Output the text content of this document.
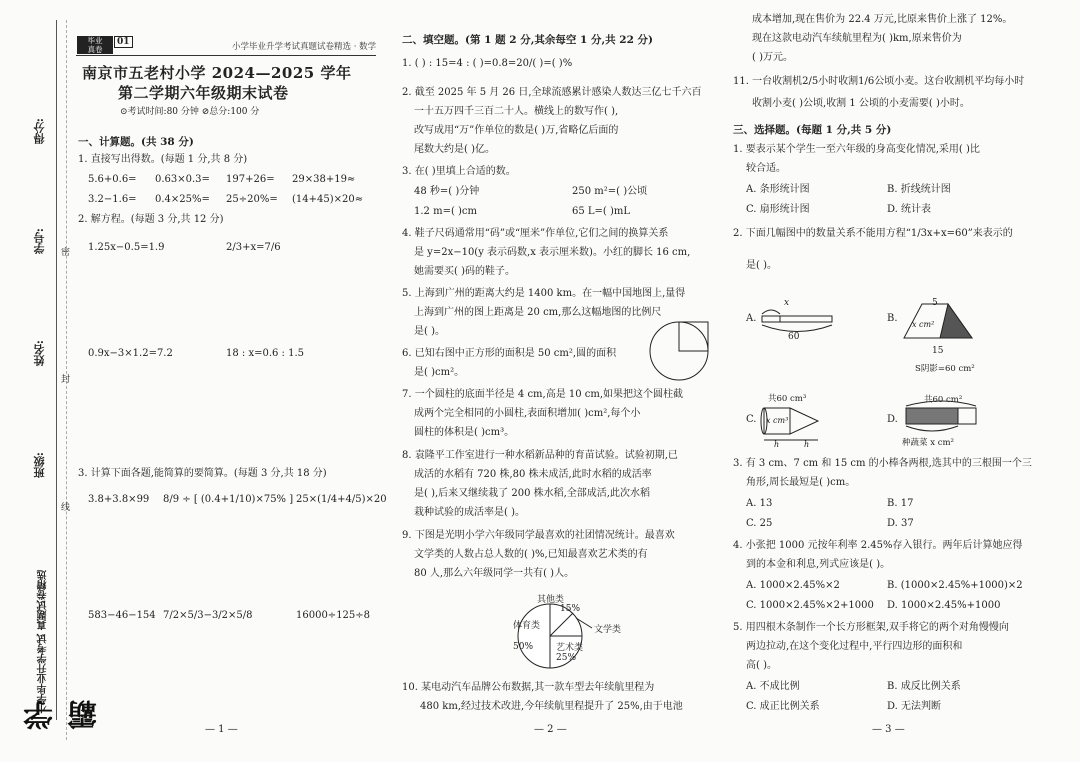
得分:
学号:
姓名:
班级:
密
封
线
小学毕业升学考试 真题试卷精选
学霸
毕业
真卷
01	小学毕业升学考试真题试卷精选 · 数学
南京市五老村小学 2024—2025 学年
第二学期六年级期末试卷
⊙考试时间:80 分钟 ⊘总分:100 分
一、计算题。(共 38 分)
1. 直接写出得数。(每题 1 分,共 8 分)
5.6+0.6= 0.63×0.3= 197+26= 29×38+19≈
3.2−1.6= 0.4×25%= 25÷20%= (14+45)×20≈
2. 解方程。(每题 3 分,共 12 分)
1.25x−0.5=1.9	2/3+x=7/6
0.9x−3×1.2=7.2	18 : x=0.6 : 1.5
3. 计算下面各题,能简算的要简算。(每题 3 分,共 18 分)
3.8+3.8×99 8/9 ÷ [ (0.4+1/10)×75% ] 25×(1/4+4/5)×20
583−46−154 7/2×5/3−3/2×5/8	16000÷125÷8
— 1 —
二、填空题。(第 1 题 2 分,其余每空 1 分,共 22 分)
1. ( ) : 15=4 : ( )=0.8=20/( )=( )%
2. 截至 2025 年 5 月 26 日,全球流感累计感染人数达三亿七千六百
一十五万四千三百二十人。横线上的数写作( ),
改写成用“万”作单位的数是( )万,省略亿后面的
尾数大约是( )亿。
3. 在( )里填上合适的数。
48 秒=( )分钟	250 m²=( )公顷
1.2 m=( )cm	65 L=( )mL
4. 鞋子尺码通常用“码”或“厘米”作单位,它们之间的换算关系
是 y=2x−10(y 表示码数,x 表示厘米数)。小红的脚长 16 cm,
她需要买( )码的鞋子。
5. 上海到广州的距离大约是 1400 km。在一幅中国地图上,量得
上海到广州的图上距离是 20 cm,那么这幅地图的比例尺
是( )。
6. 已知右图中正方形的面积是 50 cm²,圆的面积
是( )cm²。
7. 一个圆柱的底面半径是 4 cm,高是 10 cm,如果把这个圆柱截
成两个完全相同的小圆柱,表面积增加( )cm²,每个小
圆柱的体积是( )cm³。
8. 袁隆平工作室进行一种水稻新品种的育苗试验。试验初期,已
成活的水稻有 720 株,80 株未成活,此时水稻的成活率
是( ),后来又继续栽了 200 株水稻,全部成活,此次水稻
栽种试验的成活率是( )。
9. 下图是光明小学六年级同学最喜欢的社团情况统计。最喜欢
文学类的人数占总人数的( )%,已知最喜欢艺术类的有
80 人,那么六年级同学一共有( )人。
其他类
15%
文学类
体育类
50%	艺术类
25%
10. 某电动汽车品牌公布数据,其一款车型去年续航里程为
480 km,经过技术改进,今年续航里程提升了 25%,由于电池
— 2 —
成本增加,现在售价为 22.4 万元,比原来售价上涨了 12%。
现在这款电动汽车续航里程为( )km,原来售价为
( )万元。
11. 一台收割机2/5小时收割1/6公顷小麦。这台收割机平均每小时
收割小麦( )公顷,收割 1 公顷的小麦需要( )小时。
三、选择题。(每题 1 分,共 5 分)
1. 要表示某个学生一至六年级的身高变化情况,采用( )比
较合适。
A. 条形统计图	B. 折线统计图
C. 扇形统计图	D. 统计表
2. 下面几幅图中的数量关系不能用方程“1/3x+x=60”来表示的
是( )。
A.
x
60
B.
5
x cm²
15
S阴影=60 cm²
C.
共60 cm³
x cm³
h	h
D.
共60 cm²
种蔬菜 x cm²
3. 有 3 cm、7 cm 和 15 cm 的小棒各两根,选其中的三根围一个三
角形,周长最短是( )cm。
A. 13	B. 17
C. 25	D. 37
4. 小张把 1000 元按年利率 2.45%存入银行。两年后计算她应得
到的本金和利息,列式应该是( )。
A. 1000×2.45%×2	B. (1000×2.45%+1000)×2
C. 1000×2.45%×2+1000 D. 1000×2.45%+1000
5. 用四根木条制作一个长方形框架,双手将它的两个对角慢慢向
两边拉动,在这个变化过程中,平行四边形的面积和
高( )。
A. 不成比例	B. 成反比例关系
C. 成正比例关系	D. 无法判断
— 3 —
